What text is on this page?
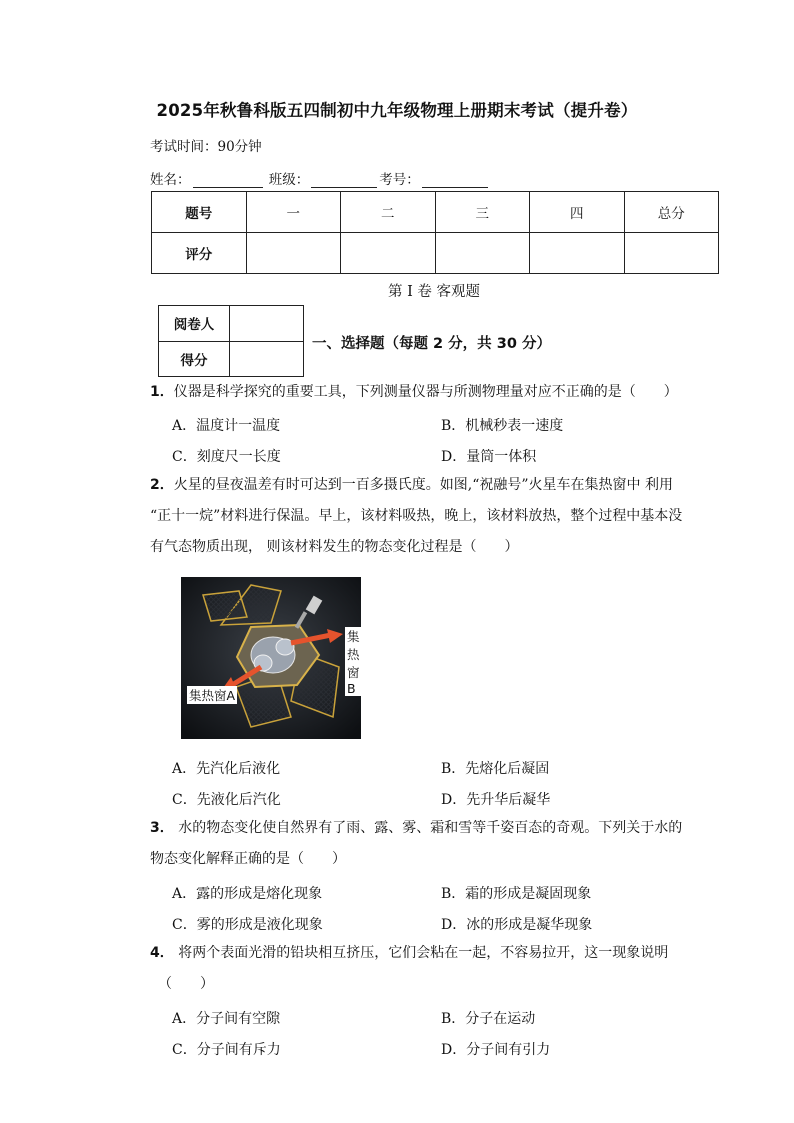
2025年秋鲁科版五四制初中九年级物理上册期末考试（提升卷）
考试时间：90分钟
姓名：	班级：	考号：
题号	一	二	三	四	总分
评分					
第 I 卷 客观题
阅卷人	
得分	
一、选择题（每题 2 分，共 30 分）
1．仪器是科学探究的重要工具，下列测量仪器与所测物理量对应不正确的是（　　）
A．温度计一温度	B．机械秒表一速度
C．刻度尺一长度	D．量筒一体积
2．火星的昼夜温差有时可达到一百多摄氏度。如图,“祝融号”火星车在集热窗中 利用
“正十一烷”材料进行保温。早上，该材料吸热，晚上，该材料放热，整个过程中基本没
有气态物质出现， 则该材料发生的物态变化过程是（　　）
集热窗B
集热窗A
A．先汽化后液化	B．先熔化后凝固
C．先液化后汽化	D．先升华后凝华
3． 水的物态变化使自然界有了雨、露、雾、霜和雪等千姿百态的奇观。下列关于水的
物态变化解释正确的是（　　）
A．露的形成是熔化现象	B．霜的形成是凝固现象
C．雾的形成是液化现象	D．冰的形成是凝华现象
4． 将两个表面光滑的铅块相互挤压，它们会粘在一起，不容易拉开，这一现象说明
（　　）
A．分子间有空隙	B．分子在运动
C．分子间有斥力	D．分子间有引力
